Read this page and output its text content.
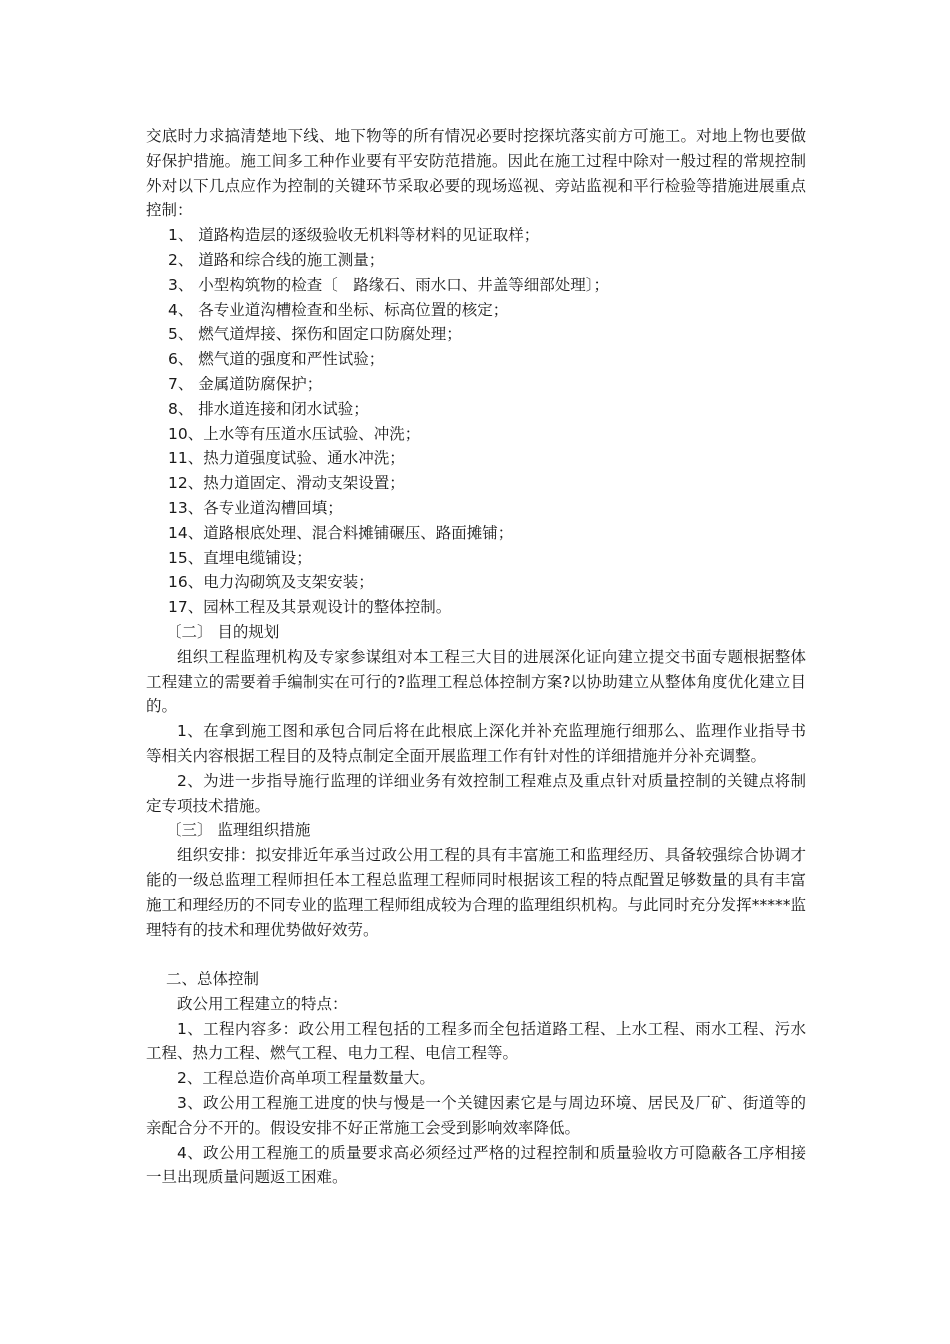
交底时力求搞清楚地下线、地下物等的所有情况必要时挖探坑落实前方可施工。对地上物也要做好保护措施。施工间多工种作业要有平安防范措施。因此在施工过程中除对一般过程的常规控制外对以下几点应作为控制的关键环节采取必要的现场巡视、旁站监视和平行检验等措施进展重点控制：

1、 道路构造层的逐级验收无机料等材料的见证取样；

2、 道路和综合线的施工测量；

3、 小型构筑物的检查〔　路缘石、雨水口、井盖等细部处理〕；

4、 各专业道沟槽检查和坐标、标高位置的核定；

5、 燃气道焊接、探伤和固定口防腐处理；

6、 燃气道的强度和严性试验；

7、 金属道防腐保护；

8、 排水道连接和闭水试验；

10、上水等有压道水压试验、冲洗；

11、热力道强度试验、通水冲洗；

12、热力道固定、滑动支架设置；

13、各专业道沟槽回填；

14、道路根底处理、混合料摊铺碾压、路面摊铺；

15、直埋电缆铺设；

16、电力沟砌筑及支架安装；

17、园林工程及其景观设计的整体控制。

〔二〕 目的规划

组织工程监理机构及专家参谋组对本工程三大目的进展深化证向建立提交书面专题根据整体工程建立的需要着手编制实在可行的?监理工程总体控制方案?以协助建立从整体角度优化建立目的。

1、在拿到施工图和承包合同后将在此根底上深化并补充监理施行细那么、监理作业指导书等相关内容根据工程目的及特点制定全面开展监理工作有针对性的详细措施并分补充调整。

2、为进一步指导施行监理的详细业务有效控制工程难点及重点针对质量控制的关键点将制定专项技术措施。

〔三〕 监理组织措施

组织安排：拟安排近年承当过政公用工程的具有丰富施工和监理经历、具备较强综合协调才能的一级总监理工程师担任本工程总监理工程师同时根据该工程的特点配置足够数量的具有丰富施工和理经历的不同专业的监理工程师组成较为合理的监理组织机构。与此同时充分发挥*****监理特有的技术和理优势做好效劳。

二、总体控制

政公用工程建立的特点：

1、工程内容多：政公用工程包括的工程多而全包括道路工程、上水工程、雨水工程、污水工程、热力工程、燃气工程、电力工程、电信工程等。

2、工程总造价高单项工程量数量大。

3、政公用工程施工进度的快与慢是一个关键因素它是与周边环境、居民及厂矿、街道等的亲配合分不开的。假设安排不好正常施工会受到影响效率降低。

4、政公用工程施工的质量要求高必须经过严格的过程控制和质量验收方可隐蔽各工序相接一旦出现质量问题返工困难。
